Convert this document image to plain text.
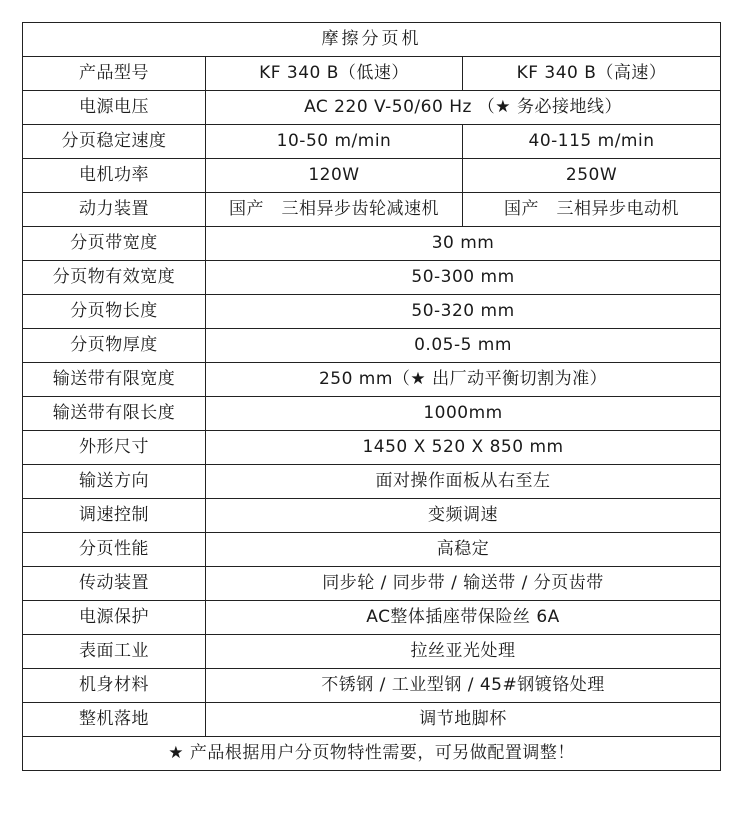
摩擦分页机		
产品型号	KF 340 B（低速）	KF 340 B（高速）
电源电压	AC 220 V-50/60 Hz （★ 务必接地线）	
分页稳定速度	10-50 m/min	40-115 m/min
电机功率	120W	250W
动力装置	国产　三相异步齿轮减速机	国产　三相异步电动机
分页带宽度	30 mm	
分页物有效宽度	50-300 mm	
分页物长度	50-320 mm	
分页物厚度	0.05-5 mm	
输送带有限宽度	250 mm（★ 出厂动平衡切割为准）	
输送带有限长度	1000mm	
外形尺寸	1450 X 520 X 850 mm	
输送方向	面对操作面板从右至左	
调速控制	变频调速	
分页性能	高稳定	
传动装置	同步轮 / 同步带 / 输送带 / 分页齿带	
电源保护	AC整体插座带保险丝 6A	
表面工业	拉丝亚光处理	
机身材料	不锈钢 / 工业型钢 / 45#钢镀铬处理	
整机落地	调节地脚杯	
★ 产品根据用户分页物特性需要，可另做配置调整！		
